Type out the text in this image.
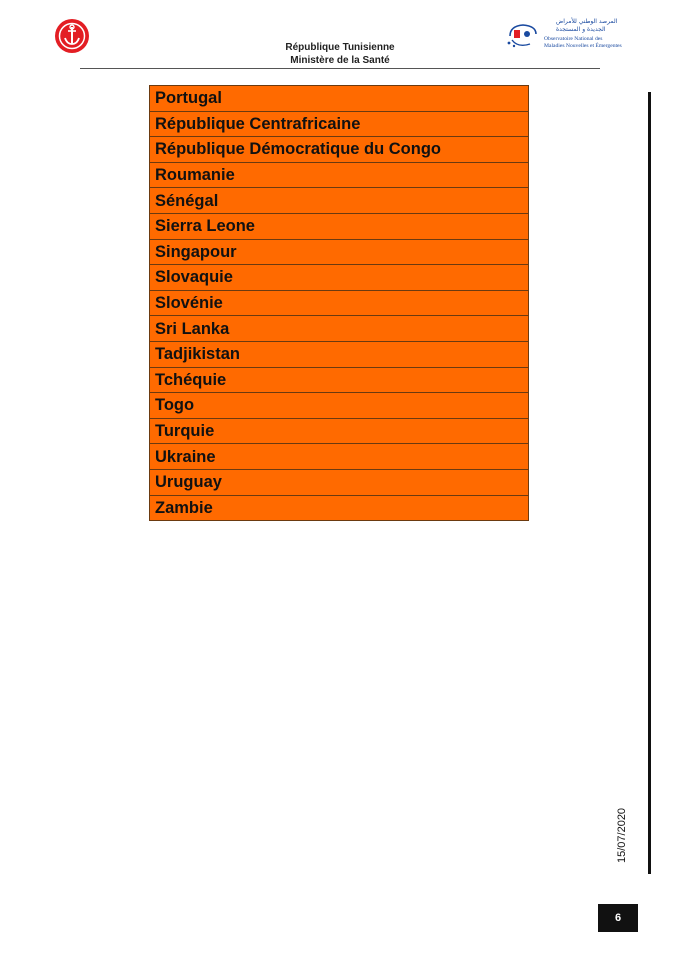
المرصد الوطني للأمراض
الجديدة و المستجدة
Observatoire National des
Maladies Nouvelles et Émergentes
République Tunisienne
Ministère de la Santé
Portugal
République Centrafricaine
République Démocratique du Congo
Roumanie
Sénégal
Sierra Leone
Singapour
Slovaquie
Slovénie
Sri Lanka
Tadjikistan
Tchéquie
Togo
Turquie
Ukraine
Uruguay
Zambie
15/07/2020
6
